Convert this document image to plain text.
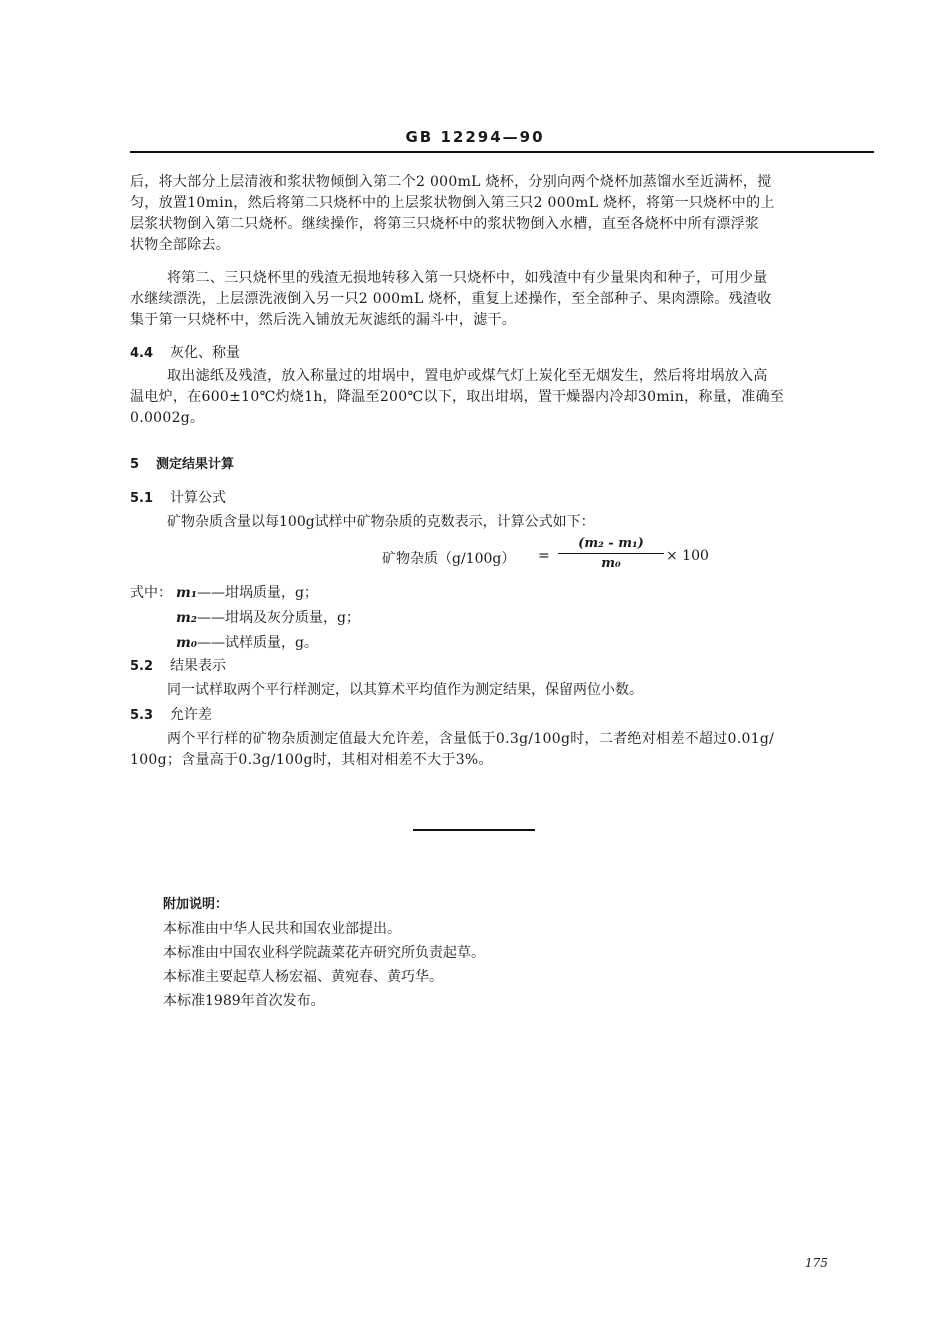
GB 12294—90

后，将大部分上层清液和浆状物倾倒入第二个2 000mL 烧杯，分别向两个烧杯加蒸馏水至近满杯，搅

匀，放置10min，然后将第二只烧杯中的上层浆状物倒入第三只2 000mL 烧杯，将第一只烧杯中的上

层浆状物倒入第二只烧杯。继续操作，将第三只烧杯中的浆状物倒入水槽，直至各烧杯中所有漂浮浆

状物全部除去。

将第二、三只烧杯里的残渣无损地转移入第一只烧杯中，如残渣中有少量果肉和种子，可用少量

水继续漂洗，上层漂洗液倒入另一只2 000mL 烧杯，重复上述操作，至全部种子、果肉漂除。残渣收

集于第一只烧杯中，然后洗入铺放无灰滤纸的漏斗中，滤干。

4.4 灰化、称量

取出滤纸及残渣，放入称量过的坩埚中，置电炉或煤气灯上炭化至无烟发生，然后将坩埚放入高

温电炉，在600±10℃灼烧1h，降温至200℃以下，取出坩埚，置干燥器内冷却30min，称量，准确至

0.0002g。

5 测定结果计算
5.1 计算公式
矿物杂质含量以每100g试样中矿物杂质的克数表示，计算公式如下：
矿物杂质（g/100g） =
(m₂ - m₁)
m₀	× 100
式中： m₁——坩埚质量，g；
m₂——坩埚及灰分质量，g；
m₀——试样质量，g。
5.2 结果表示
同一试样取两个平行样测定，以其算术平均值作为测定结果，保留两位小数。
5.3 允许差

两个平行样的矿物杂质测定值最大允许差，含量低于0.3g/100g时，二者绝对相差不超过0.01g/

100g；含量高于0.3g/100g时，其相对相差不大于3%。

附加说明：

本标准由中华人民共和国农业部提出。

本标准由中国农业科学院蔬菜花卉研究所负责起草。

本标准主要起草人杨宏福、黄宛春、黄巧华。

本标准1989年首次发布。

175
